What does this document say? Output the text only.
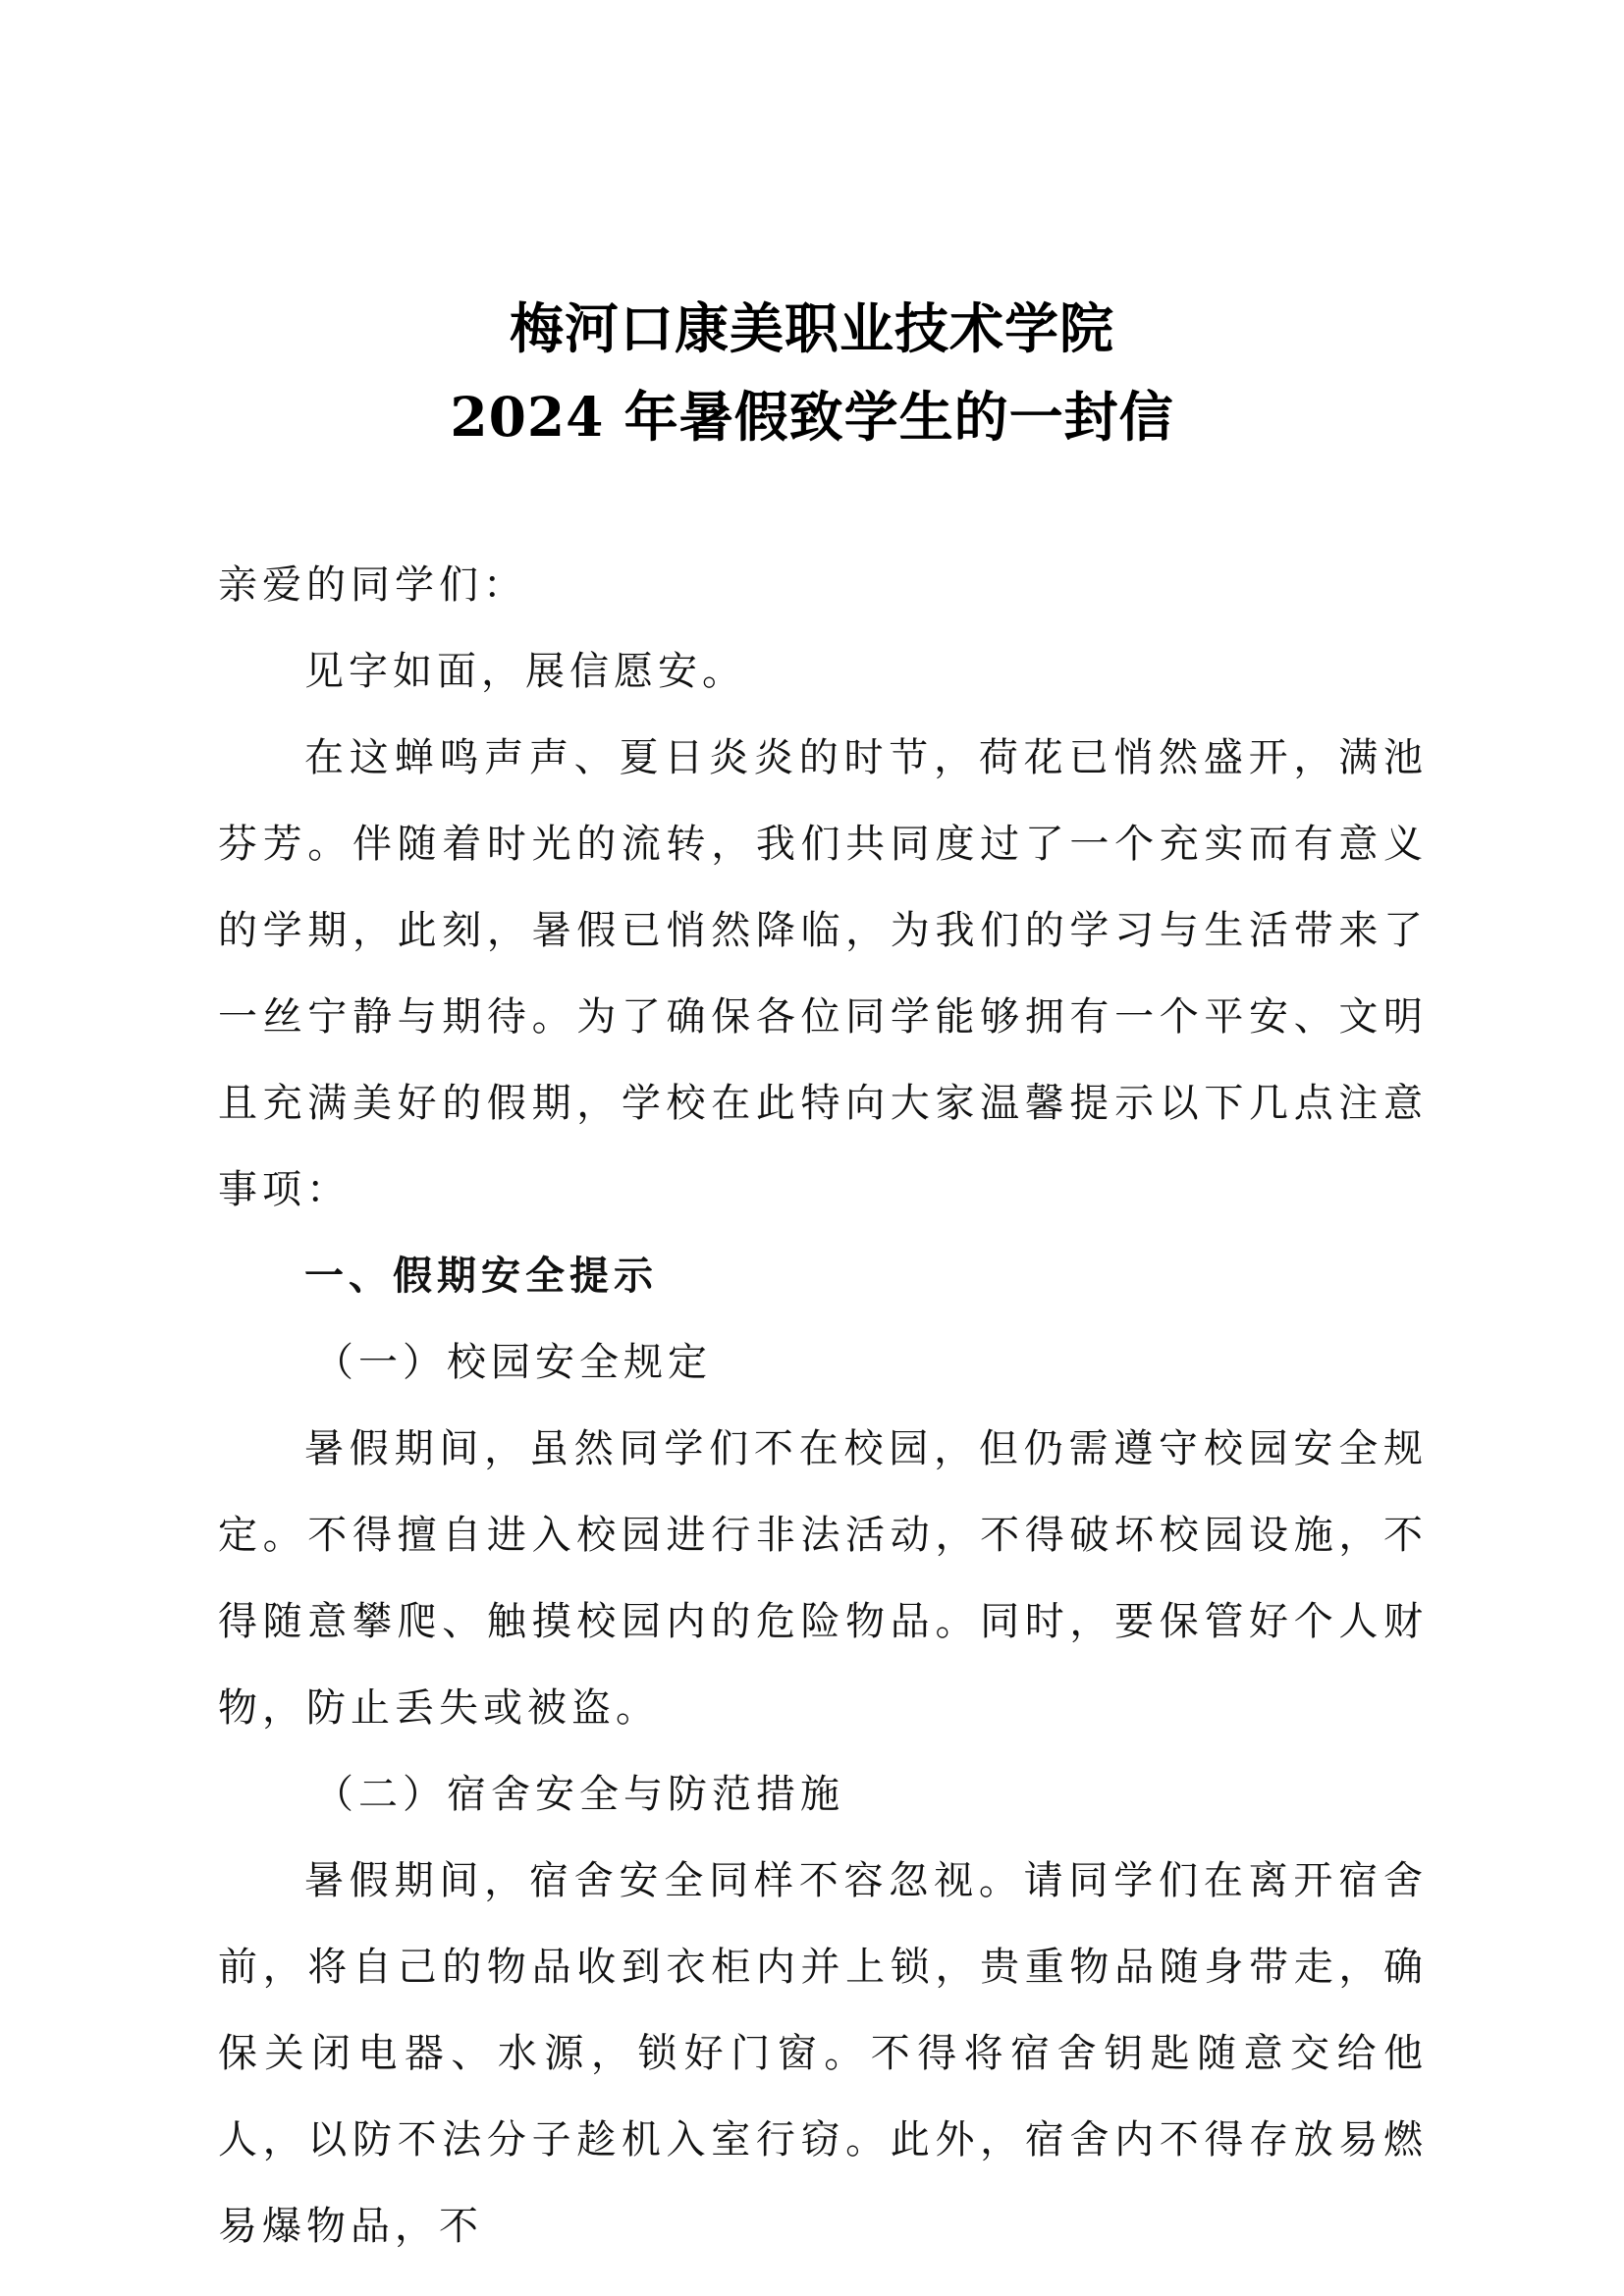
梅河口康美职业技术学院
2024 年暑假致学生的一封信

亲爱的同学们：

见字如面，展信愿安。

在这蝉鸣声声、夏日炎炎的时节，荷花已悄然盛开，满池芬芳。伴随着时光的流转，我们共同度过了一个充实而有意义的学期，此刻，暑假已悄然降临，为我们的学习与生活带来了一丝宁静与期待。为了确保各位同学能够拥有一个平安、文明且充满美好的假期，学校在此特向大家温馨提示以下几点注意事项：

一、假期安全提示

（一）校园安全规定

暑假期间，虽然同学们不在校园，但仍需遵守校园安全规定。不得擅自进入校园进行非法活动，不得破坏校园设施，不得随意攀爬、触摸校园内的危险物品。同时，要保管好个人财物，防止丢失或被盗。

（二）宿舍安全与防范措施

暑假期间，宿舍安全同样不容忽视。请同学们在离开宿舍前，将自己的物品收到衣柜内并上锁，贵重物品随身带走，确保关闭电器、水源，锁好门窗。不得将宿舍钥匙随意交给他人，以防不法分子趁机入室行窃。此外，宿舍内不得存放易燃易爆物品，不
